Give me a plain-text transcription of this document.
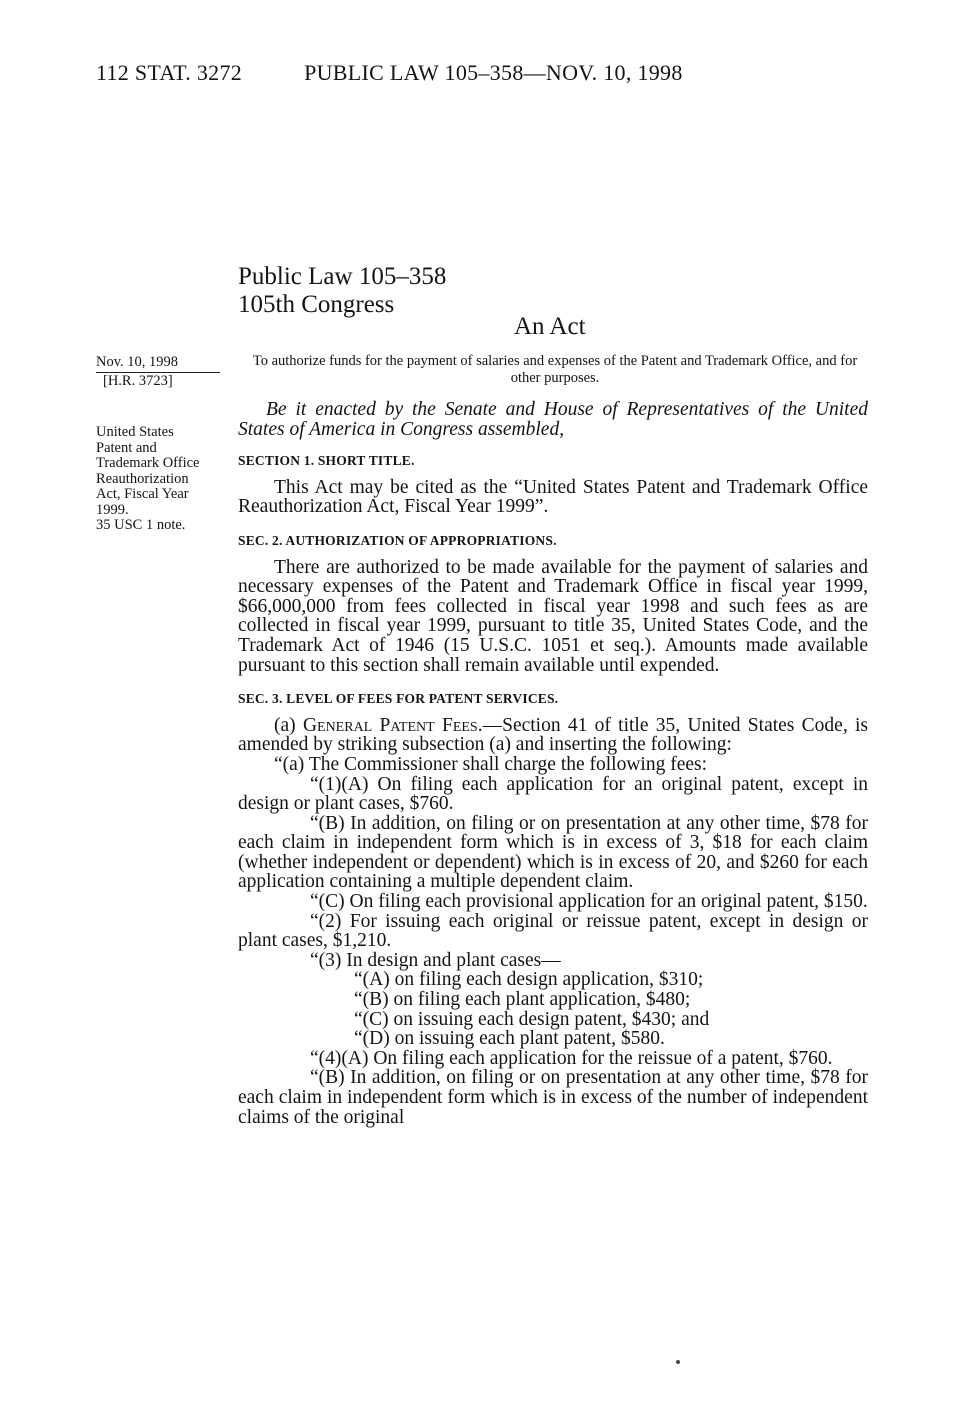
112 STAT. 3272	PUBLIC LAW 105–358—NOV. 10, 1998
Public Law 105–358
105th Congress
An Act
Nov. 10, 1998
[H.R. 3723]
United States
Patent and
Trademark Office
Reauthorization
Act, Fiscal Year
1999.
35 USC 1 note.
To authorize funds for the payment of salaries and expenses of the Patent and Trademark Office, and for other purposes.

Be it enacted by the Senate and House of Representatives of the United States of America in Congress assembled,

SECTION 1. SHORT TITLE.

This Act may be cited as the “United States Patent and Trademark Office Reauthorization Act, Fiscal Year 1999”.

SEC. 2. AUTHORIZATION OF APPROPRIATIONS.

There are authorized to be made available for the payment of salaries and necessary expenses of the Patent and Trademark Office in fiscal year 1999, $66,000,000 from fees collected in fiscal year 1998 and such fees as are collected in fiscal year 1999, pursuant to title 35, United States Code, and the Trademark Act of 1946 (15 U.S.C. 1051 et seq.). Amounts made available pursuant to this section shall remain available until expended.

SEC. 3. LEVEL OF FEES FOR PATENT SERVICES.

(a) General Patent Fees.—Section 41 of title 35, United States Code, is amended by striking subsection (a) and inserting the following:

“(a) The Commissioner shall charge the following fees:

“(1)(A) On filing each application for an original patent, except in design or plant cases, $760.

“(B) In addition, on filing or on presentation at any other time, $78 for each claim in independent form which is in excess of 3, $18 for each claim (whether independent or dependent) which is in excess of 20, and $260 for each application containing a multiple dependent claim.

“(C) On filing each provisional application for an original patent, $150.

“(2) For issuing each original or reissue patent, except in design or plant cases, $1,210.

“(3) In design and plant cases—

“(A) on filing each design application, $310;

“(B) on filing each plant application, $480;

“(C) on issuing each design patent, $430; and

“(D) on issuing each plant patent, $580.

“(4)(A) On filing each application for the reissue of a patent, $760.

“(B) In addition, on filing or on presentation at any other time, $78 for each claim in independent form which is in excess of the number of independent claims of the original
